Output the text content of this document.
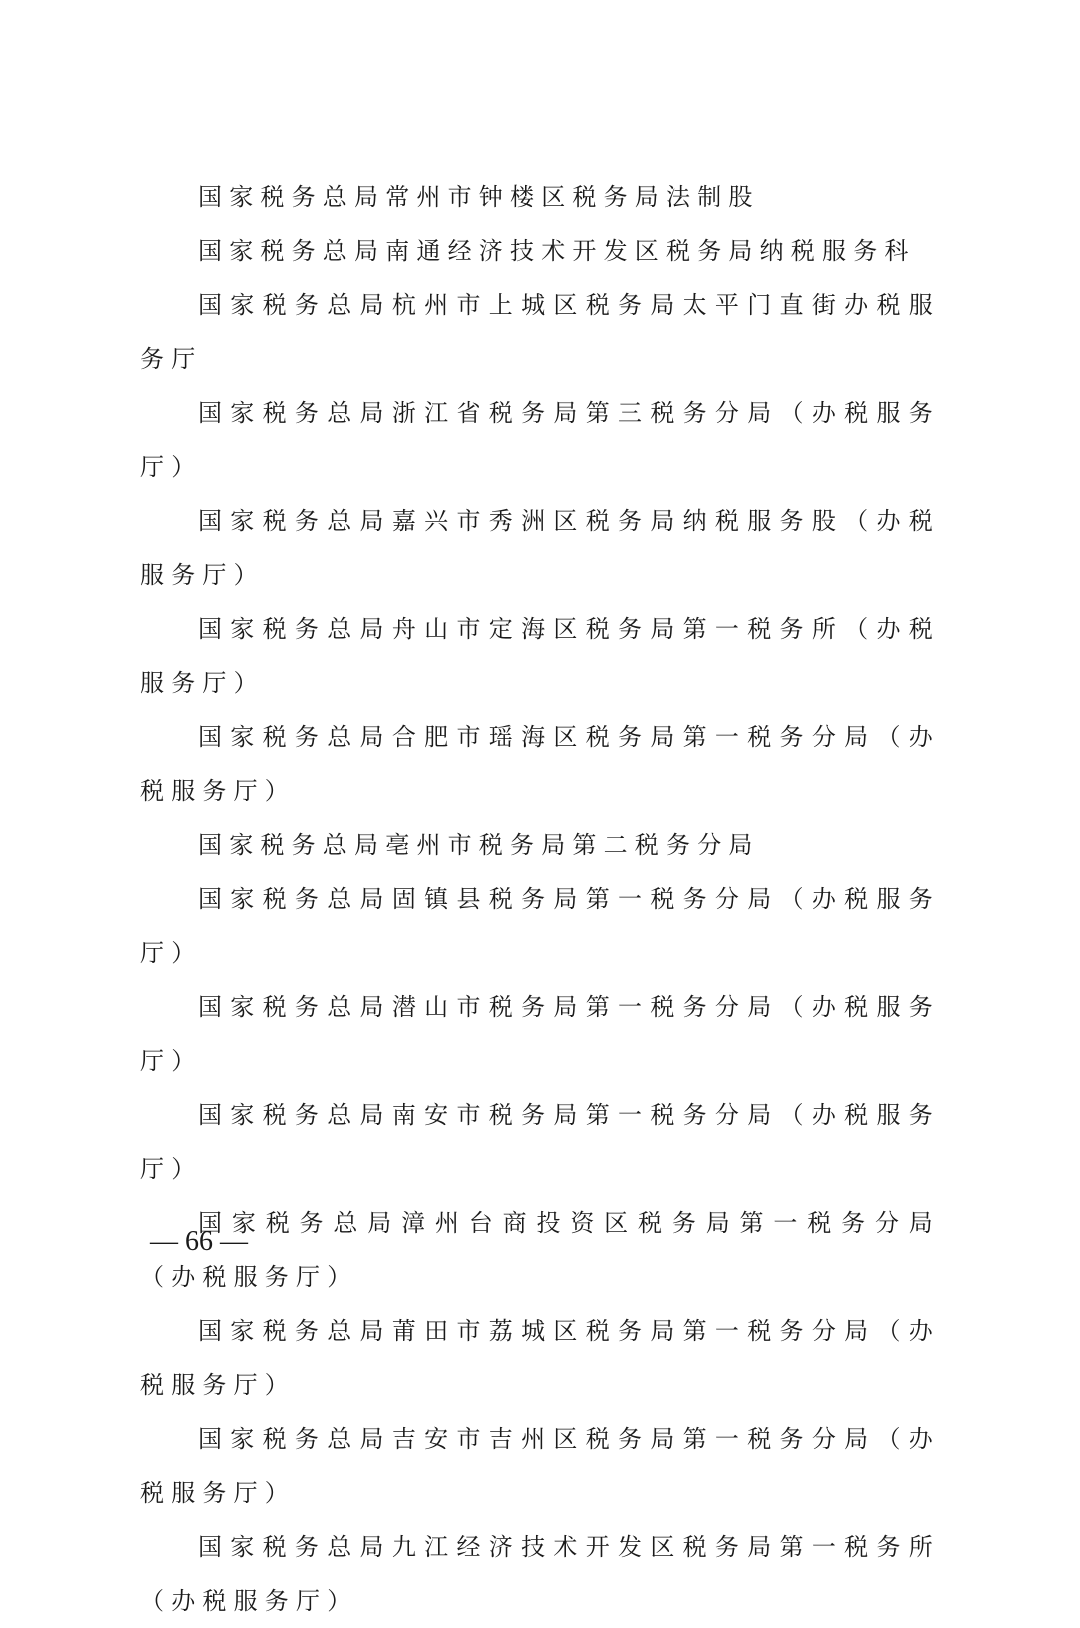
国家税务总局常州市钟楼区税务局法制股

国家税务总局南通经济技术开发区税务局纳税服务科

国家税务总局杭州市上城区税务局太平门直街办税服务厅

国家税务总局浙江省税务局第三税务分局（办税服务厅）

国家税务总局嘉兴市秀洲区税务局纳税服务股（办税服务厅）

国家税务总局舟山市定海区税务局第一税务所（办税服务厅）

国家税务总局合肥市瑶海区税务局第一税务分局（办税服务厅）

国家税务总局亳州市税务局第二税务分局

国家税务总局固镇县税务局第一税务分局（办税服务厅）

国家税务总局潜山市税务局第一税务分局（办税服务厅）

国家税务总局南安市税务局第一税务分局（办税服务厅）

国家税务总局漳州台商投资区税务局第一税务分局（办税服务厅）

国家税务总局莆田市荔城区税务局第一税务分局（办税服务厅）

国家税务总局吉安市吉州区税务局第一税务分局（办税服务厅）

国家税务总局九江经济技术开发区税务局第一税务所（办税服务厅）

— 66 —
